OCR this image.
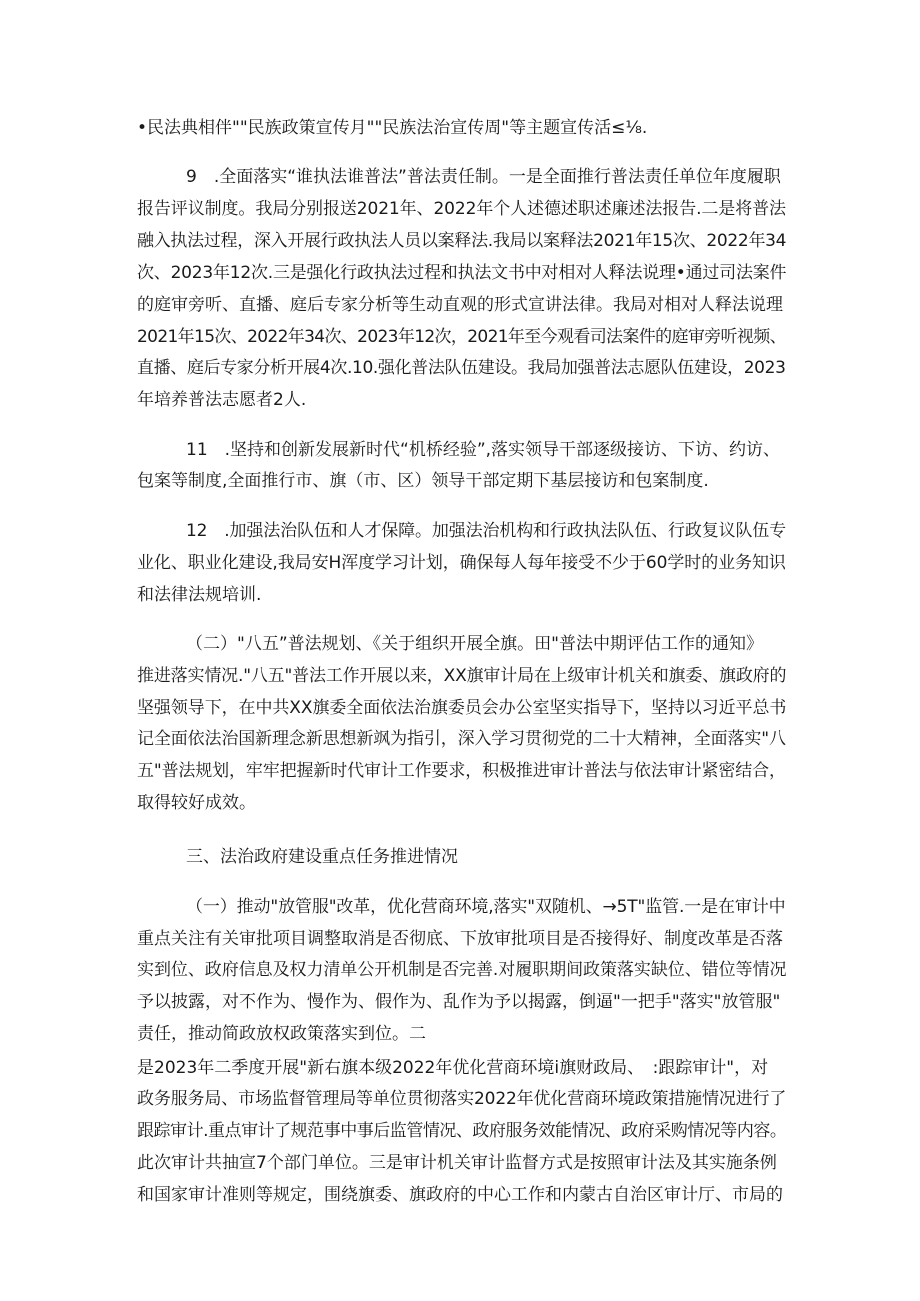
•民法典相伴""民族政策宣传月""民族法治宣传周"等主题宣传活≤⅛.
9　.全面落实“谁执法谁普法”普法责任制。一是全面推行普法责任单位年度履职
报告评议制度。我局分别报送2021年、2022年个人述德述职述廉述法报告.二是将普法
融入执法过程，深入开展行政执法人员以案释法.我局以案释法2021年15次、2022年34
次、2023年12次.三是强化行政执法过程和执法文书中对相对人释法说理•通过司法案件
的庭审旁听、直播、庭后专家分析等生动直观的形式宣讲法律。我局对相对人释法说理
2021年15次、2022年34次、2023年12次，2021年至今观看司法案件的庭审旁听视频、
直播、庭后专家分析开展4次.10.强化普法队伍建设。我局加强普法志愿队伍建设，2023
年培养普法志愿者2人.
11　.坚持和创新发展新时代“机桥经验”,落实领导干部逐级接访、下访、约访、
包案等制度,全面推行市、旗（市、区）领导干部定期下基层接访和包案制度.
12　.加强法治队伍和人才保障。加强法治机构和行政执法队伍、行政复议队伍专
业化、职业化建设,我局安H浑度学习计划，确保每人每年接受不少于60学时的业务知识
和法律法规培训.
（二）"八五”普法规划、《关于组织开展全旗。田"普法中期评估工作的通知》
推进落实情况."八五"普法工作开展以来，XX旗审计局在上级审计机关和旗委、旗政府的
坚强领导下，在中共XX旗委全面依法治旗委员会办公室坚实指导下，坚持以习近平总书
记全面依法治国新理念新思想新飒为指引，深入学习贯彻党的二十大精神，全面落实"八
五"普法规划，牢牢把握新时代审计工作要求，积极推进审计普法与依法审计紧密结合，
取得较好成效。
三、法治政府建设重点任务推进情况
（一）推动"放管服"改革，优化营商环境,落实"双随机、→5T"监管.一是在审计中
重点关注有关审批项目调整取消是否彻底、下放审批项目是否接得好、制度改革是否落
实到位、政府信息及权力清单公开机制是否完善.对履职期间政策落实缺位、错位等情况
予以披露，对不作为、慢作为、假作为、乱作为予以揭露，倒逼"一把手"落实"放管服"
责任，推动简政放权政策落实到位。二
是2023年二季度开展"新右旗本级2022年优化营商环境i旗财政局、　:跟踪审计"，对
政务服务局、市场监督管理局等单位贯彻落实2022年优化营商环境政策措施情况进行了
跟踪审计.重点审计了规范事中事后监管情况、政府服务效能情况、政府采购情况等内容。
此次审计共抽宣7个部门单位。三是审计机关审计监督方式是按照审计法及其实施条例
和国家审计准则等规定，围绕旗委、旗政府的中心工作和内蒙古自治区审计厅、市局的
